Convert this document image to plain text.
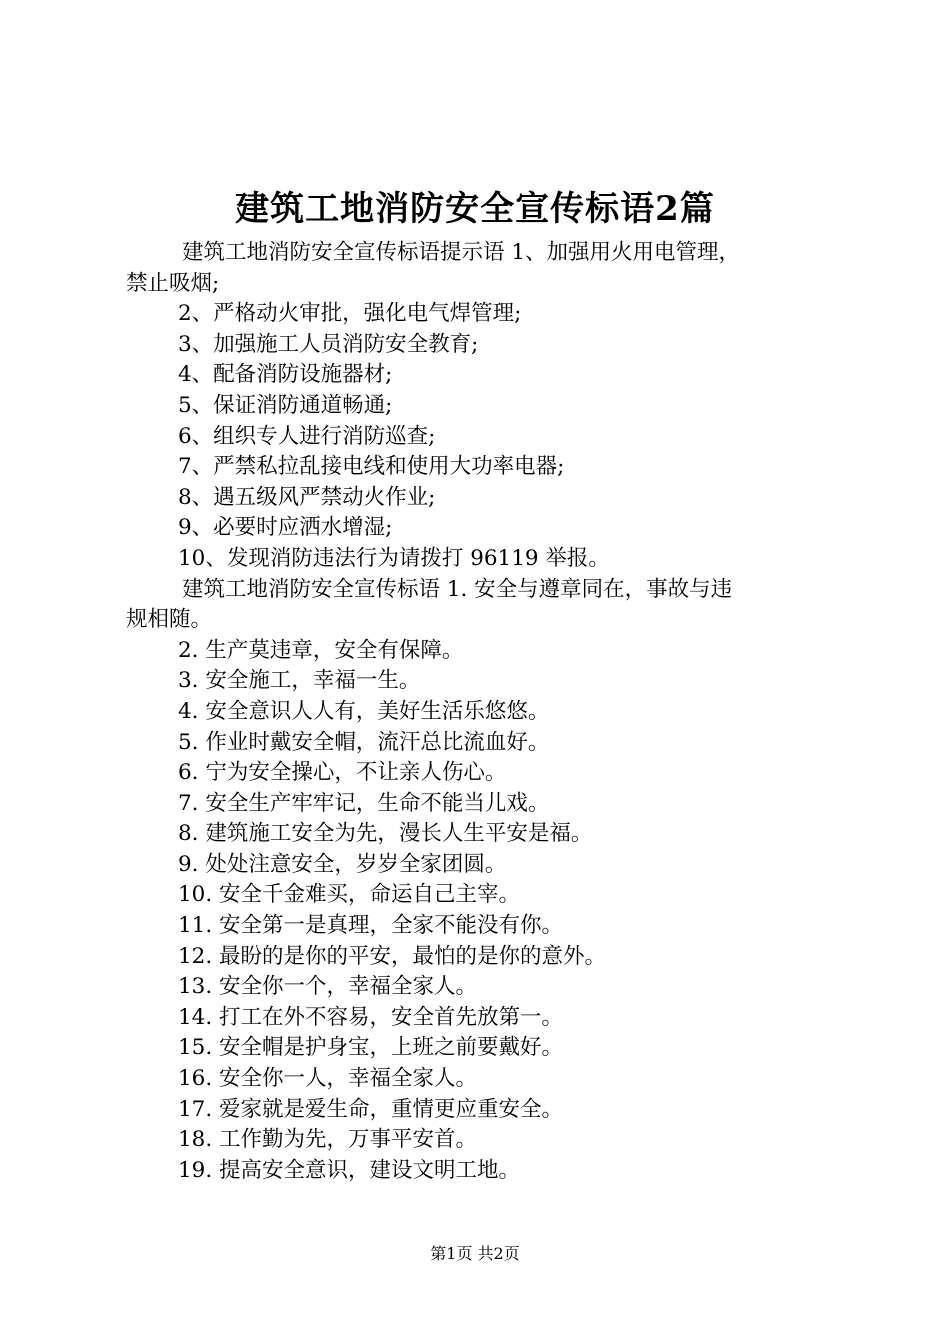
建筑工地消防安全宣传标语2篇

建筑工地消防安全宣传标语提示语 1、加强用火用电管理，

禁止吸烟;

2、严格动火审批，强化电气焊管理;

3、加强施工人员消防安全教育;

4、配备消防设施器材;

5、保证消防通道畅通;

6、组织专人进行消防巡查;

7、严禁私拉乱接电线和使用大功率电器;

8、遇五级风严禁动火作业;

9、必要时应洒水增湿;

10、发现消防违法行为请拨打 96119 举报。

建筑工地消防安全宣传标语 1. 安全与遵章同在，事故与违

规相随。

2. 生产莫违章，安全有保障。

3. 安全施工，幸福一生。

4. 安全意识人人有，美好生活乐悠悠。

5. 作业时戴安全帽，流汗总比流血好。

6. 宁为安全操心，不让亲人伤心。

7. 安全生产牢牢记，生命不能当儿戏。

8. 建筑施工安全为先，漫长人生平安是福。

9. 处处注意安全，岁岁全家团圆。

10. 安全千金难买，命运自己主宰。

11. 安全第一是真理，全家不能没有你。

12. 最盼的是你的平安，最怕的是你的意外。

13. 安全你一个，幸福全家人。

14. 打工在外不容易，安全首先放第一。

15. 安全帽是护身宝，上班之前要戴好。

16. 安全你一人，幸福全家人。

17. 爱家就是爱生命，重情更应重安全。

18. 工作勤为先，万事平安首。

19. 提高安全意识，建设文明工地。

第1页 共2页
